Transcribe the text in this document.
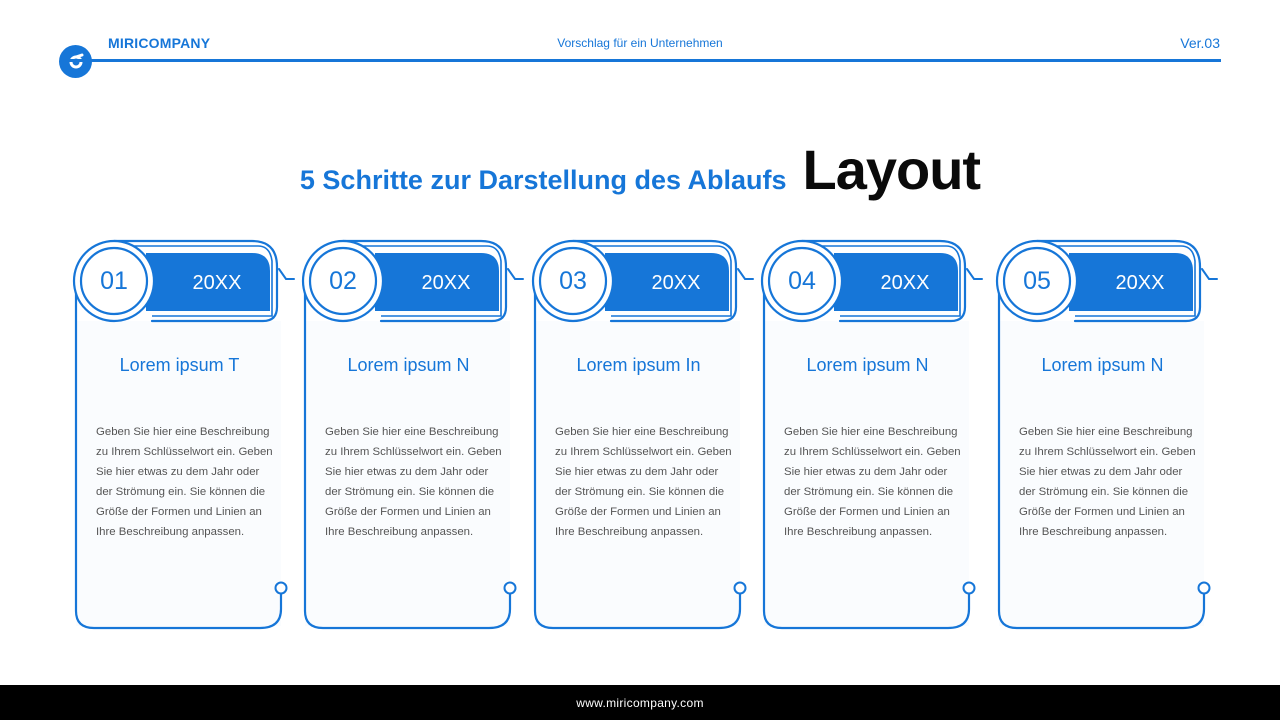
MIRICOMPANY	Vorschlag für ein Unternehmen	Ver.03
5 Schritte zur Darstellung des Ablaufs Layout
01	20XX
Lorem ipsum T
Geben Sie hier eine Beschreibung zu Ihrem Schlüsselwort ein. Geben Sie hier etwas zu dem Jahr oder der Strömung ein. Sie können die Größe der Formen und Linien an Ihre Beschreibung anpassen.
02	20XX
Lorem ipsum N
Geben Sie hier eine Beschreibung zu Ihrem Schlüsselwort ein. Geben Sie hier etwas zu dem Jahr oder der Strömung ein. Sie können die Größe der Formen und Linien an Ihre Beschreibung anpassen.
03	20XX
Lorem ipsum In
Geben Sie hier eine Beschreibung zu Ihrem Schlüsselwort ein. Geben Sie hier etwas zu dem Jahr oder der Strömung ein. Sie können die Größe der Formen und Linien an Ihre Beschreibung anpassen.
04	20XX
Lorem ipsum N
Geben Sie hier eine Beschreibung zu Ihrem Schlüsselwort ein. Geben Sie hier etwas zu dem Jahr oder der Strömung ein. Sie können die Größe der Formen und Linien an Ihre Beschreibung anpassen.
05	20XX
Lorem ipsum N
Geben Sie hier eine Beschreibung zu Ihrem Schlüsselwort ein. Geben Sie hier etwas zu dem Jahr oder der Strömung ein. Sie können die Größe der Formen und Linien an Ihre Beschreibung anpassen.
www.miricompany.com
